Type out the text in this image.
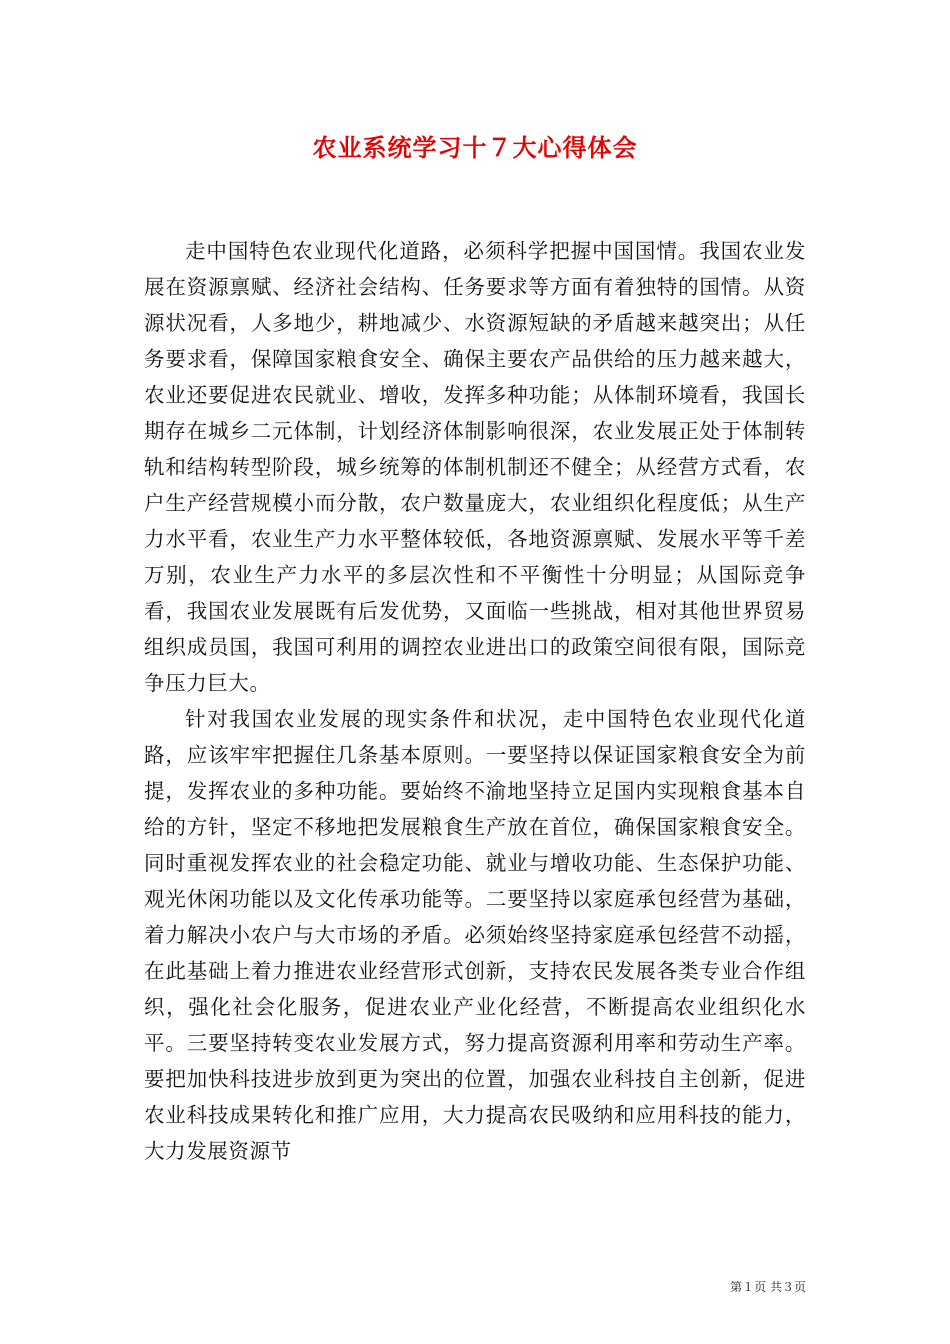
农业系统学习十７大心得体会

走中国特色农业现代化道路，必须科学把握中国国情。我国农业发展在资源禀赋、经济社会结构、任务要求等方面有着独特的国情。从资源状况看，人多地少，耕地减少、水资源短缺的矛盾越来越突出；从任务要求看，保障国家粮食安全、确保主要农产品供给的压力越来越大，农业还要促进农民就业、增收，发挥多种功能；从体制环境看，我国长期存在城乡二元体制，计划经济体制影响很深，农业发展正处于体制转轨和结构转型阶段，城乡统筹的体制机制还不健全；从经营方式看，农户生产经营规模小而分散，农户数量庞大，农业组织化程度低；从生产力水平看，农业生产力水平整体较低，各地资源禀赋、发展水平等千差万别，农业生产力水平的多层次性和不平衡性十分明显；从国际竞争看，我国农业发展既有后发优势，又面临一些挑战，相对其他世界贸易组织成员国，我国可利用的调控农业进出口的政策空间很有限，国际竞争压力巨大。

针对我国农业发展的现实条件和状况，走中国特色农业现代化道路，应该牢牢把握住几条基本原则。一要坚持以保证国家粮食安全为前提，发挥农业的多种功能。要始终不渝地坚持立足国内实现粮食基本自给的方针，坚定不移地把发展粮食生产放在首位，确保国家粮食安全。同时重视发挥农业的社会稳定功能、就业与增收功能、生态保护功能、观光休闲功能以及文化传承功能等。二要坚持以家庭承包经营为基础，着力解决小农户与大市场的矛盾。必须始终坚持家庭承包经营不动摇，在此基础上着力推进农业经营形式创新，支持农民发展各类专业合作组织，强化社会化服务，促进农业产业化经营，不断提高农业组织化水平。三要坚持转变农业发展方式，努力提高资源利用率和劳动生产率。要把加快科技进步放到更为突出的位置，加强农业科技自主创新，促进农业科技成果转化和推广应用，大力提高农民吸纳和应用科技的能力，大力发展资源节

第１页 共３页
